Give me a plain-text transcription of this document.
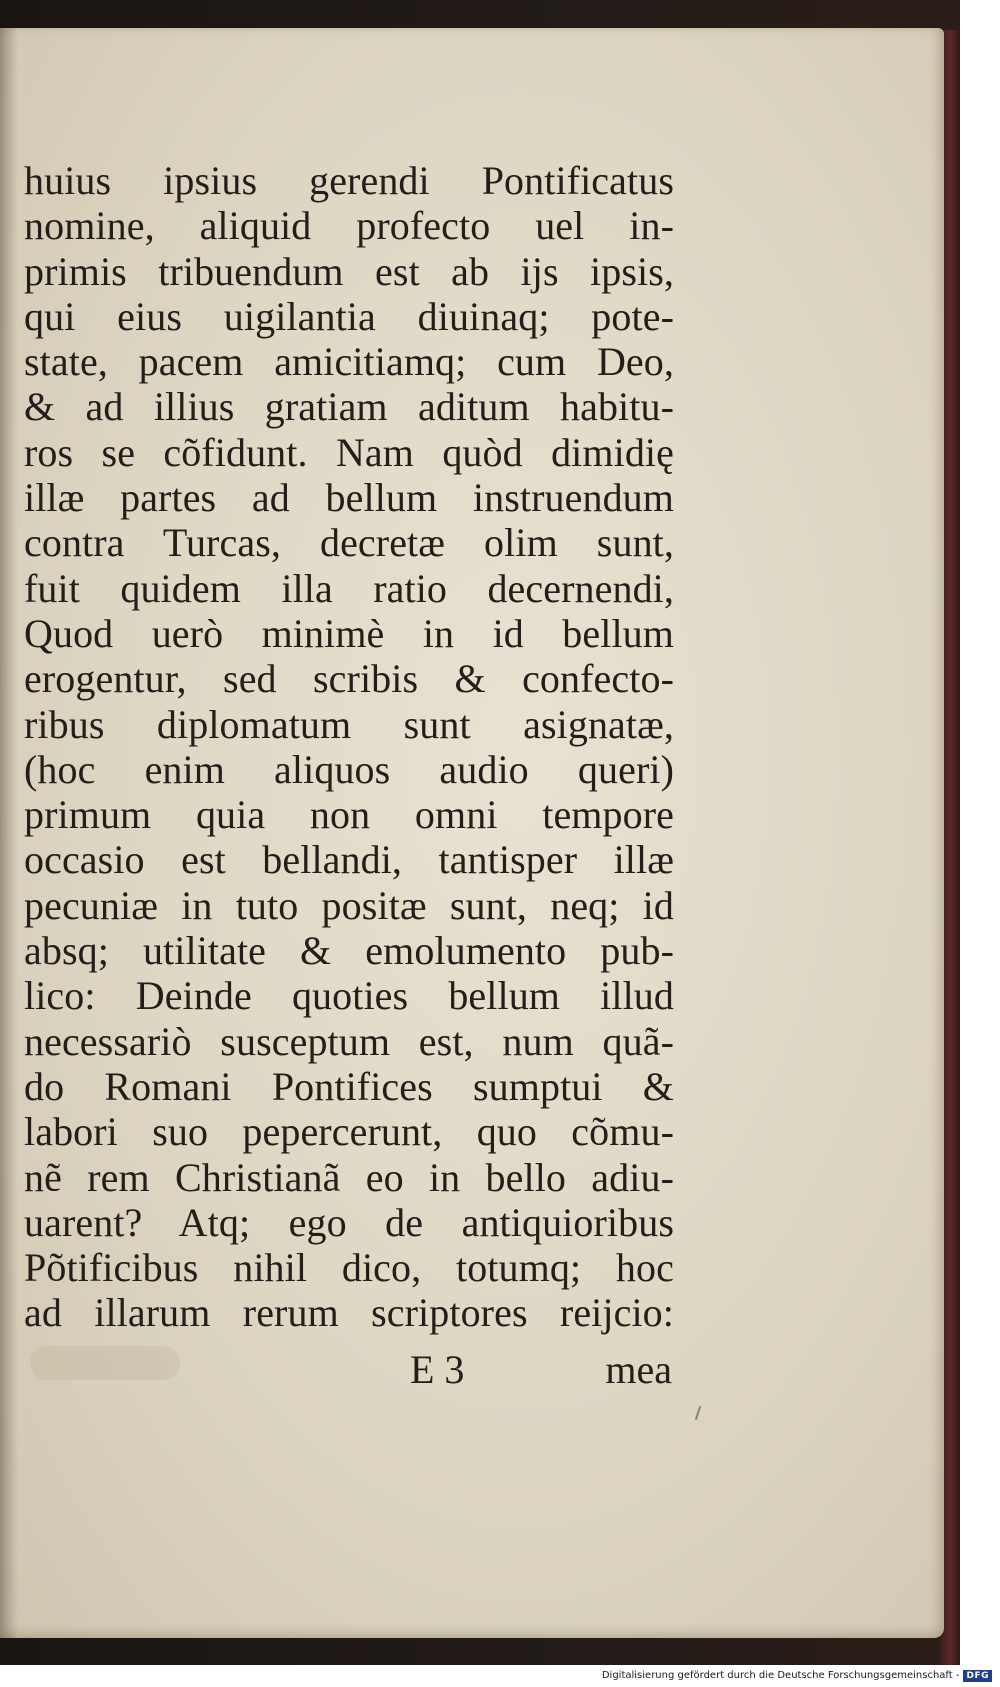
huius ipsius gerendi Pontificatus
nomine, aliquid profecto uel in-
primis tribuendum est ab ijs ipsis,
qui eius uigilantia diuinaq; pote-
state, pacem amicitiamq; cum Deo,
& ad illius gratiam aditum habitu-
ros se cõfidunt. Nam quòd dimidię
illæ partes ad bellum instruendum
contra Turcas, decretæ olim sunt,
fuit quidem illa ratio decernendi,
Quod uerò minimè in id bellum
erogentur, sed scribis & confecto-
ribus diplomatum sunt asignatæ,
(hoc enim aliquos audio queri)
primum quia non omni tempore
occasio est bellandi, tantisper illæ
pecuniæ in tuto positæ sunt, neq; id
absq; utilitate & emolumento pub-
lico: Deinde quoties bellum illud
necessariò susceptum est, num quã-
do Romani Pontifices sumptui &
labori suo pepercerunt, quo cõmu-
nẽ rem Christianã eo in bello adiu-
uarent? Atq; ego de antiquioribus
Põtificibus nihil dico, totumq; hoc
ad illarum rerum scriptores reijcio:
E 3	mea
Digitalisierung gefördert durch die Deutsche Forschungsgemeinschaft - DFG
